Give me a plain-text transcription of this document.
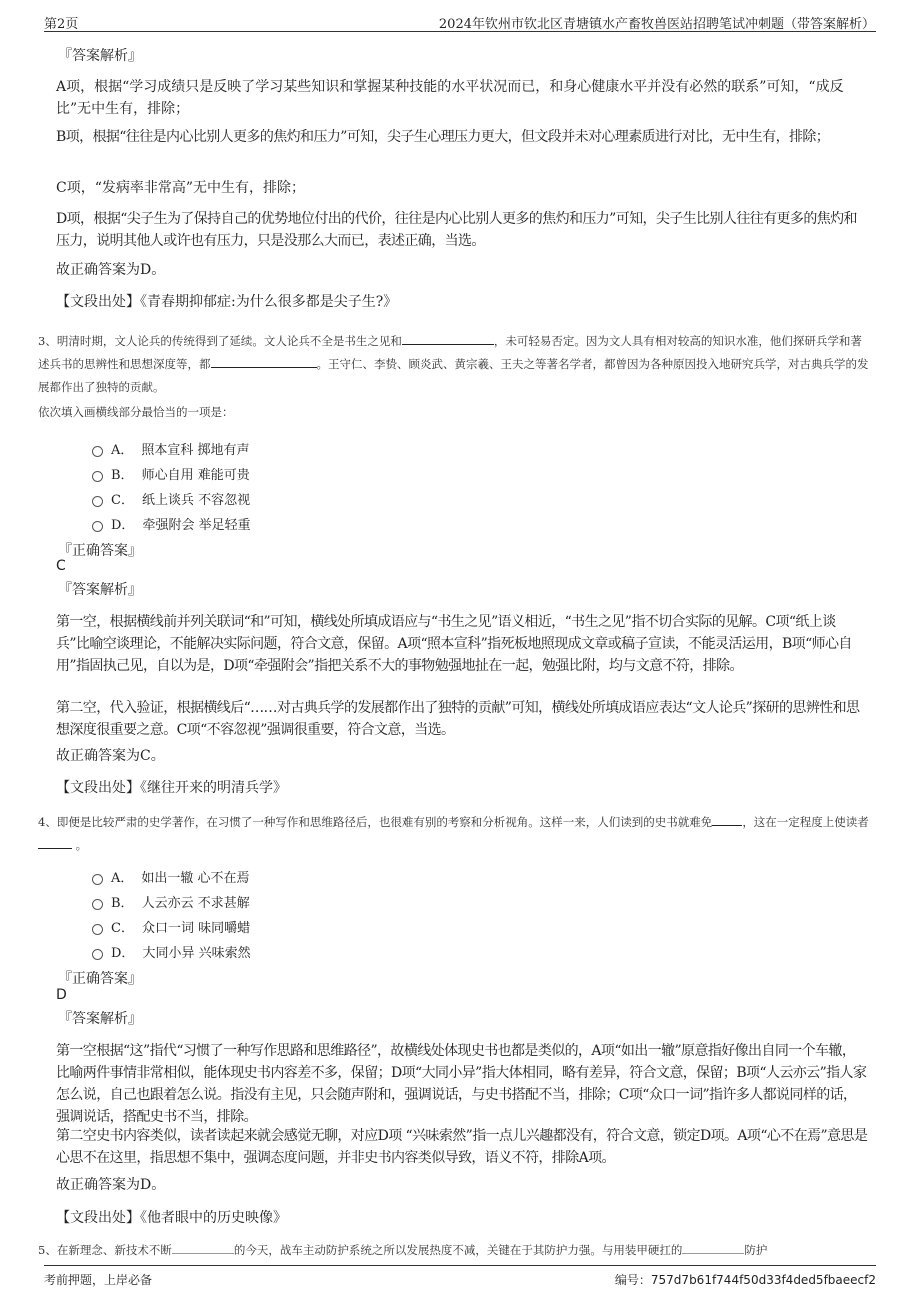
第2页	2024年钦州市钦北区青塘镇水产畜牧兽医站招聘笔试冲刺题（带答案解析）
『答案解析』
A项，根据“学习成绩只是反映了学习某些知识和掌握某种技能的水平状况而已，和身心健康水平并没有必然的联系”可知，“成反比”无中生有，排除；
B项，根据“往往是内心比别人更多的焦灼和压力”可知，尖子生心理压力更大，但文段并未对心理素质进行对比，无中生有，排除；
C项，“发病率非常高”无中生有，排除；
D项，根据“尖子生为了保持自己的优势地位付出的代价，往往是内心比别人更多的焦灼和压力”可知，尖子生比别人往往有更多的焦灼和压力，说明其他人或许也有压力，只是没那么大而已，表述正确，当选。
故正确答案为D。
【文段出处】《青春期抑郁症:为什么很多都是尖子生?》
3、明清时期，文人论兵的传统得到了延续。文人论兵不全是书生之见和	，未可轻易否定。因为文人具有相对较高的知识水准，他们探研兵学和著述兵书的思辨性和思想深度等，都	。王守仁、李贽、顾炎武、黄宗羲、王夫之等著名学者，都曾因为各种原因投入地研究兵学，对古典兵学的发展都作出了独特的贡献。
依次填入画横线部分最恰当的一项是：
A． 照本宣科 掷地有声
B． 师心自用 难能可贵
C． 纸上谈兵 不容忽视
D． 牵强附会 举足轻重
『正确答案』
C
『答案解析』
第一空，根据横线前并列关联词“和”可知，横线处所填成语应与“书生之见”语义相近，“书生之见”指不切合实际的见解。C项“纸上谈兵”比喻空谈理论，不能解决实际问题，符合文意，保留。A项“照本宣科”指死板地照现成文章或稿子宣读，不能灵活运用，B项“师心自用”指固执己见，自以为是，D项“牵强附会”指把关系不大的事物勉强地扯在一起，勉强比附，均与文意不符，排除。
第二空，代入验证，根据横线后“……对古典兵学的发展都作出了独特的贡献”可知，横线处所填成语应表达“文人论兵”探研的思辨性和思想深度很重要之意。C项“不容忽视”强调很重要，符合文意，当选。
故正确答案为C。
【文段出处】《继往开来的明清兵学》
4、即便是比较严肃的史学著作，在习惯了一种写作和思维路径后，也很难有别的考察和分析视角。这样一来，人们读到的史书就难免	，这在一定程度上使读者 。
A． 如出一辙 心不在焉
B． 人云亦云 不求甚解
C． 众口一词 味同嚼蜡
D． 大同小异 兴味索然
『正确答案』
D
『答案解析』
第一空根据“这”指代“习惯了一种写作思路和思维路径”，故横线处体现史书也都是类似的，A项“如出一辙”原意指好像出自同一个车辙，比喻两件事情非常相似，能体现史书内容差不多，保留；D项“大同小异”指大体相同，略有差异，符合文意，保留；B项“人云亦云”指人家怎么说，自己也跟着怎么说。指没有主见，只会随声附和，强调说话，与史书搭配不当，排除；C项“众口一词”指许多人都说同样的话，强调说话，搭配史书不当，排除。
第二空史书内容类似，读者读起来就会感觉无聊，对应D项 “兴味索然”指一点儿兴趣都没有，符合文意，锁定D项。A项“心不在焉”意思是心思不在这里，指思想不集中，强调态度问题，并非史书内容类似导致，语义不符，排除A项。
故正确答案为D。
【文段出处】《他者眼中的历史映像》
5、在新理念、新技术不断	的今天，战车主动防护系统之所以发展热度不减，关键在于其防护力强。与用装甲硬扛的	防护
考前押题，上岸必备	编号：757d7b61f744f50d33f4ded5fbaeecf2
